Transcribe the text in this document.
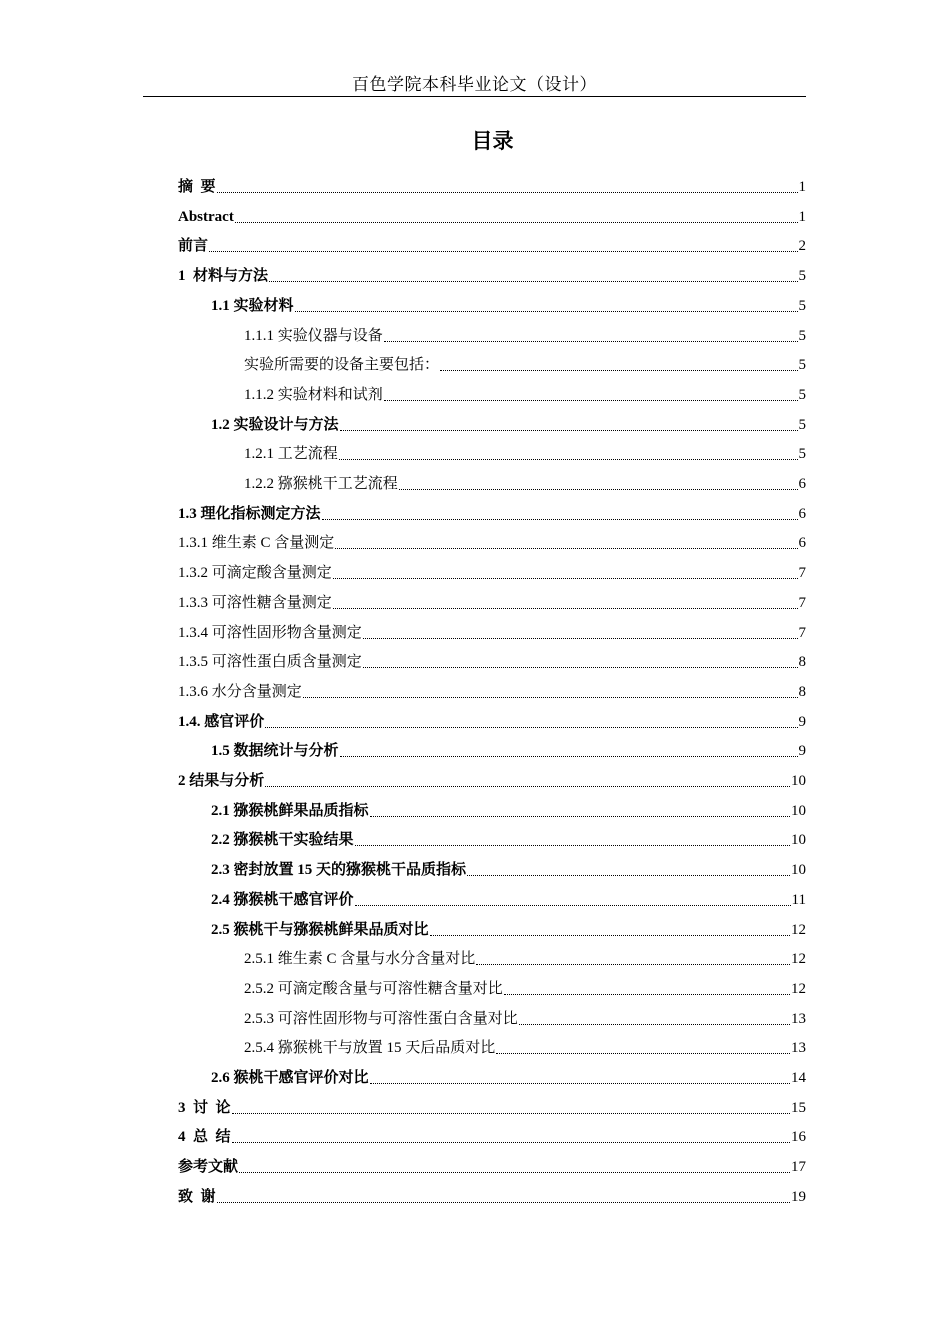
百色学院本科毕业论文（设计）
目录
摘  要	1
Abstract	1
前言	2
1  材料与方法	5
1.1 实验材料	5
1.1.1 实验仪器与设备	5
实验所需要的设备主要包括：	5
1.1.2 实验材料和试剂	5
1.2 实验设计与方法	5
1.2.1 工艺流程	5
1.2.2 猕猴桃干工艺流程	6
1.3 理化指标测定方法	6
1.3.1 维生素 C 含量测定	6
1.3.2 可滴定酸含量测定	7
1.3.3 可溶性糖含量测定	7
1.3.4 可溶性固形物含量测定	7
1.3.5 可溶性蛋白质含量测定	8
1.3.6 水分含量测定	8
1.4. 感官评价	9
1.5 数据统计与分析	9
2 结果与分析	10
2.1 猕猴桃鲜果品质指标	10
2.2 猕猴桃干实验结果	10
2.3 密封放置 15 天的猕猴桃干品质指标	10
2.4 猕猴桃干感官评价	11
2.5 猴桃干与猕猴桃鲜果品质对比	12
2.5.1 维生素 C 含量与水分含量对比	12
2.5.2 可滴定酸含量与可溶性糖含量对比	12
2.5.3 可溶性固形物与可溶性蛋白含量对比	13
2.5.4 猕猴桃干与放置 15 天后品质对比	13
2.6 猴桃干感官评价对比	14
3  讨  论	15
4  总  结	16
参考文献	17
致  谢	19
